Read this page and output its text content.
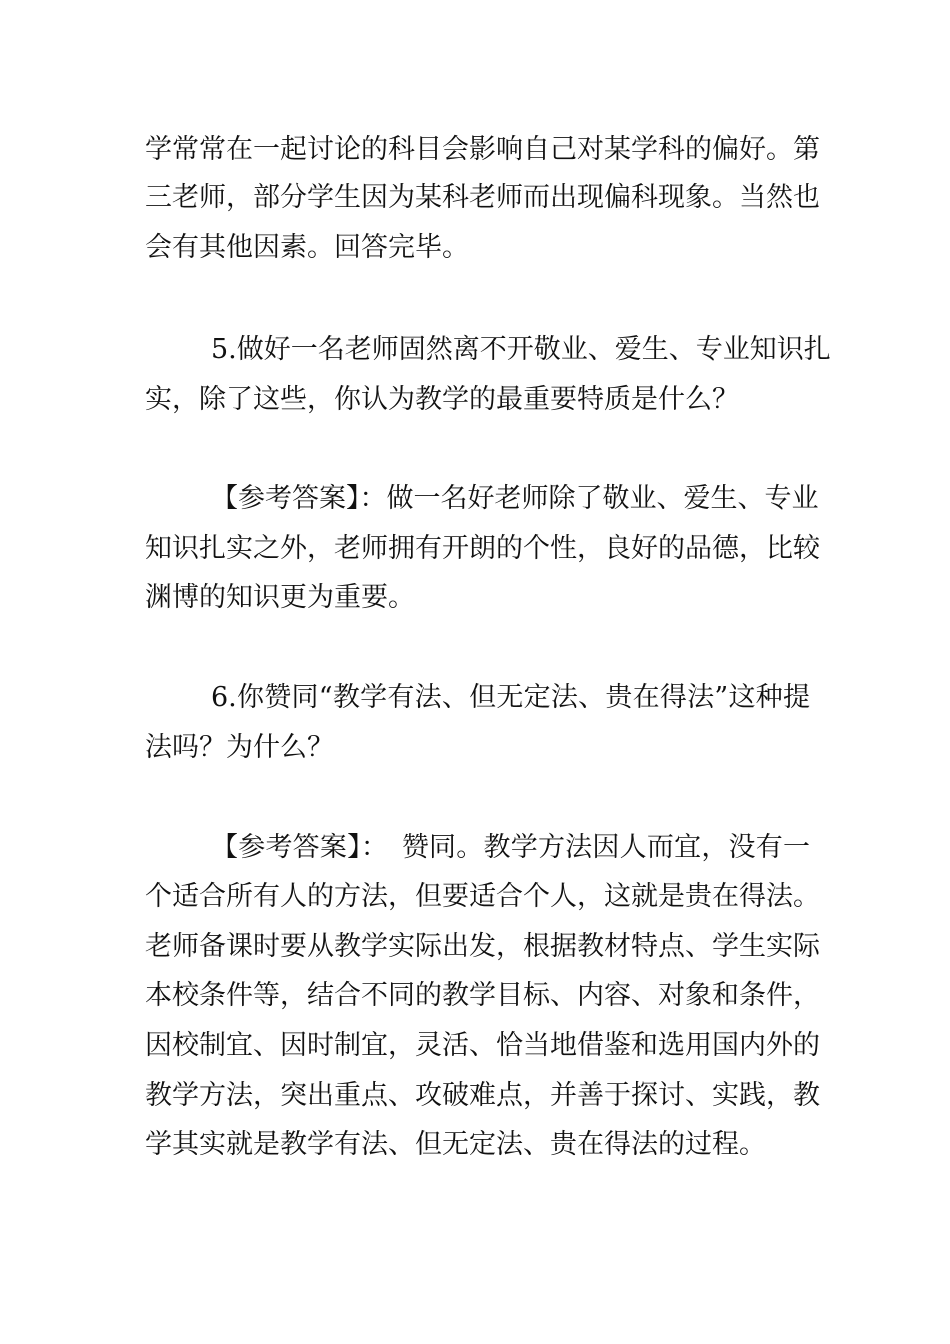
学常常在一起讨论的科目会影响自己对某学科的偏好。第
三老师，部分学生因为某科老师而出现偏科现象。当然也
会有其他因素。回答完毕。
5.做好一名老师固然离不开敬业、爱生、专业知识扎
实，除了这些，你认为教学的最重要特质是什么？
【参考答案】：做一名好老师除了敬业、爱生、专业
知识扎实之外，老师拥有开朗的个性，良好的品德，比较
渊博的知识更为重要。
6.你赞同“教学有法、但无定法、贵在得法”这种提
法吗？为什么？
【参考答案】：　赞同。教学方法因人而宜，没有一
个适合所有人的方法，但要适合个人，这就是贵在得法。
老师备课时要从教学实际出发，根据教材特点、学生实际
本校条件等，结合不同的教学目标、内容、对象和条件，
因校制宜、因时制宜，灵活、恰当地借鉴和选用国内外的
教学方法，突出重点、攻破难点，并善于探讨、实践，教
学其实就是教学有法、但无定法、贵在得法的过程。
